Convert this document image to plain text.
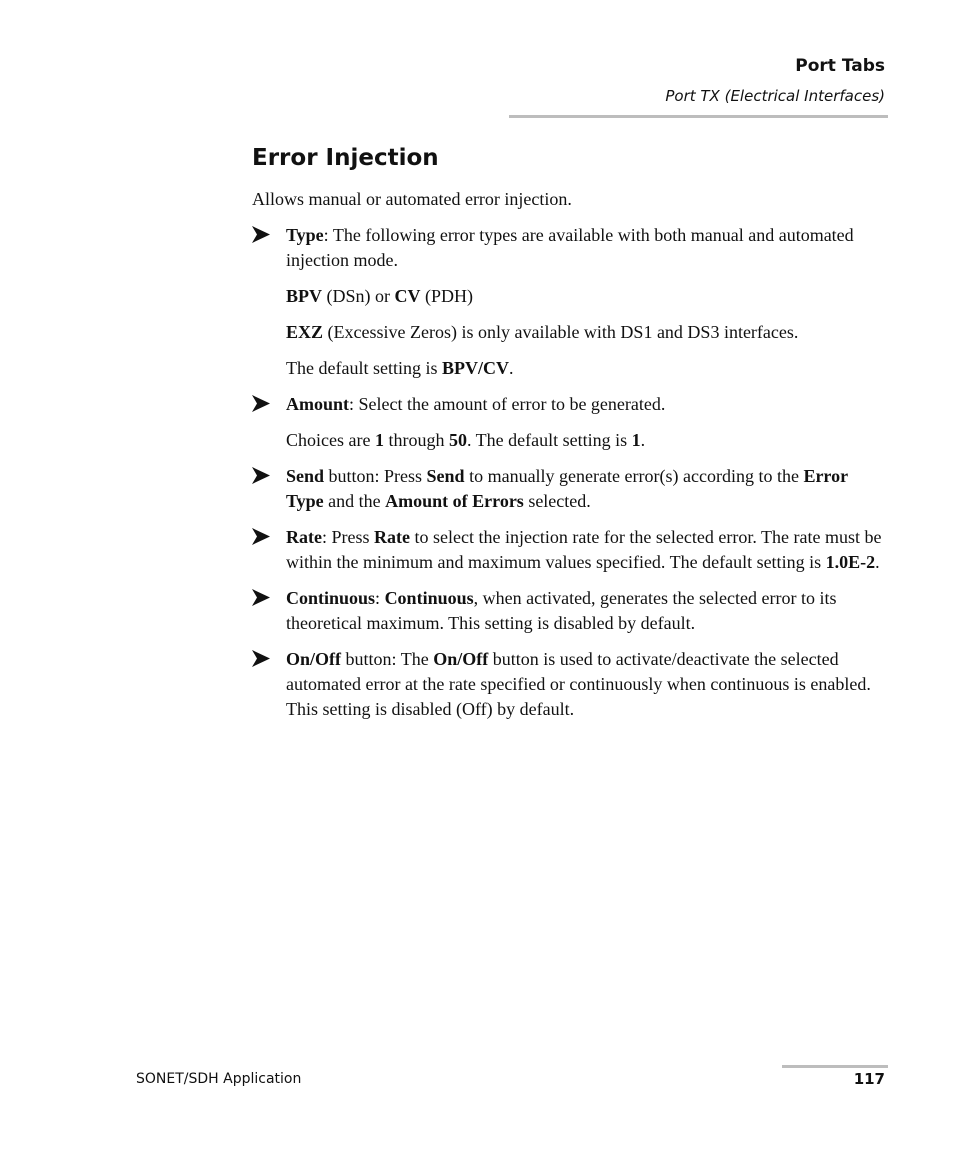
Port Tabs
Port TX (Electrical Interfaces)
Error Injection

Allows manual or automated error injection.

Type: The following error types are available with both manual and automated injection mode.

BPV (DSn) or CV (PDH)

EXZ (Excessive Zeros) is only available with DS1 and DS3 interfaces.

The default setting is BPV/CV.

Amount: Select the amount of error to be generated.

Choices are 1 through 50. The default setting is 1.

Send button: Press Send to manually generate error(s) according to the Error Type and the Amount of Errors selected.

Rate: Press Rate to select the injection rate for the selected error. The rate must be within the minimum and maximum values specified. The default setting is 1.0E-2.

Continuous: Continuous, when activated, generates the selected error to its theoretical maximum. This setting is disabled by default.

On/Off button: The On/Off button is used to activate/deactivate the selected automated error at the rate specified or continuously when continuous is enabled. This setting is disabled (Off) by default.

SONET/SDH Application	117
